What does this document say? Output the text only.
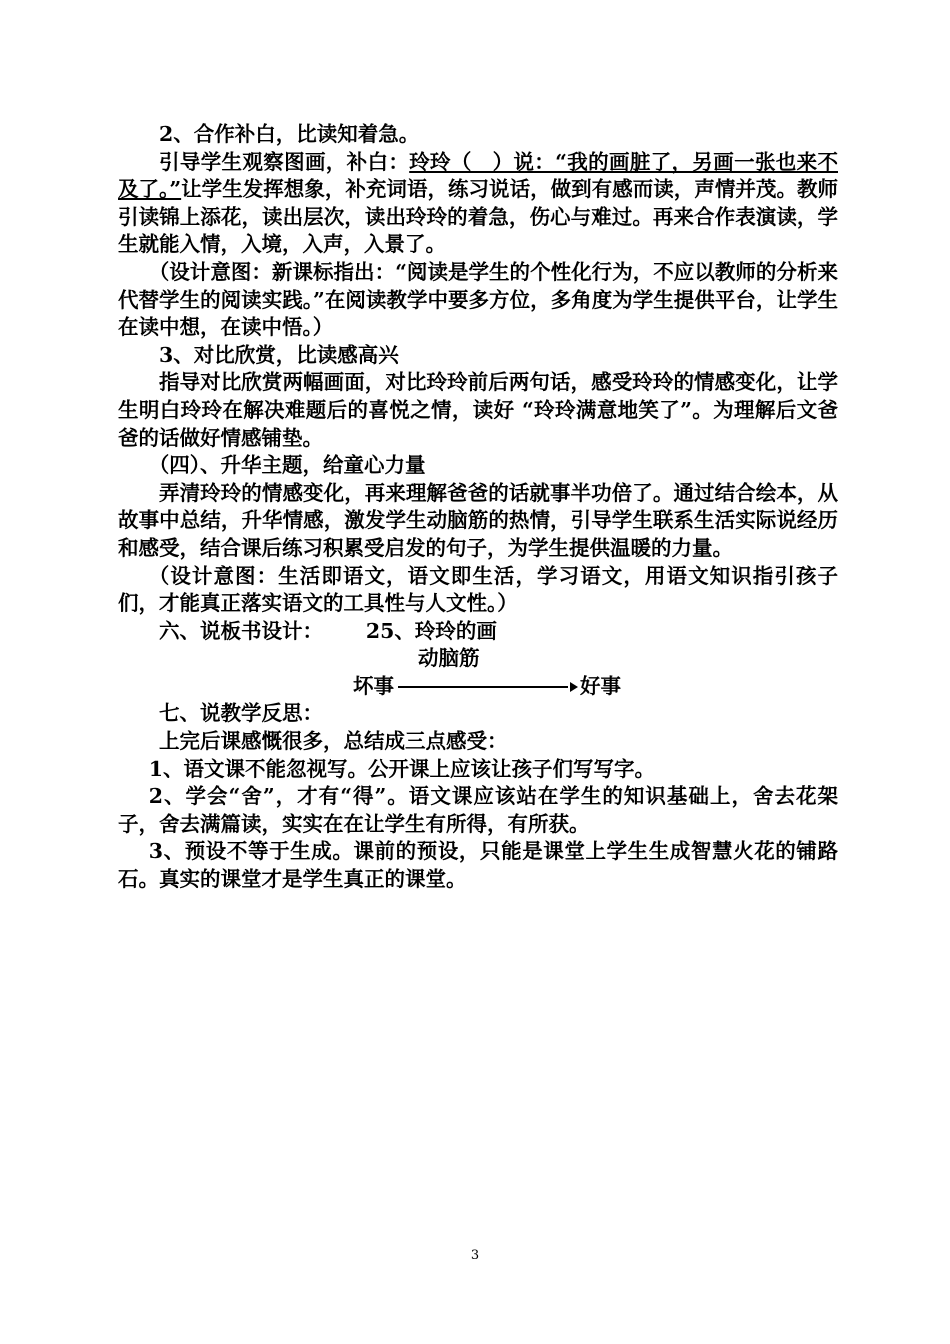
2、合作补白，比读知着急。

引导学生观察图画，补白：玲玲（　）说：“我的画脏了，另画一张也来不及了。”让学生发挥想象，补充词语，练习说话，做到有感而读，声情并茂。教师引读锦上添花，读出层次，读出玲玲的着急，伤心与难过。再来合作表演读，学生就能入情，入境，入声，入景了。

（设计意图：新课标指出：“阅读是学生的个性化行为，不应以教师的分析来代替学生的阅读实践。”在阅读教学中要多方位，多角度为学生提供平台，让学生在读中想，在读中悟。）

3、对比欣赏，比读感高兴

指导对比欣赏两幅画面，对比玲玲前后两句话，感受玲玲的情感变化，让学生明白玲玲在解决难题后的喜悦之情，读好 “玲玲满意地笑了”。为理解后文爸爸的话做好情感铺垫。

（四）、升华主题，给童心力量

弄清玲玲的情感变化，再来理解爸爸的话就事半功倍了。通过结合绘本，从故事中总结，升华情感，激发学生动脑筋的热情，引导学生联系生活实际说经历和感受，结合课后练习积累受启发的句子，为学生提供温暖的力量。

（设计意图：生活即语文，语文即生活，学习语文，用语文知识指引孩子们，才能真正落实语文的工具性与人文性。）

六、说板书设计： 25、玲玲的画

动脑筋

坏事	好事

七、说教学反思：

上完后课感慨很多，总结成三点感受：

1、语文课不能忽视写。公开课上应该让孩子们写写字。

2、学会“舍”，才有“得”。语文课应该站在学生的知识基础上，舍去花架子，舍去满篇读，实实在在让学生有所得，有所获。

3、预设不等于生成。课前的预设，只能是课堂上学生生成智慧火花的铺路石。真实的课堂才是学生真正的课堂。

3
